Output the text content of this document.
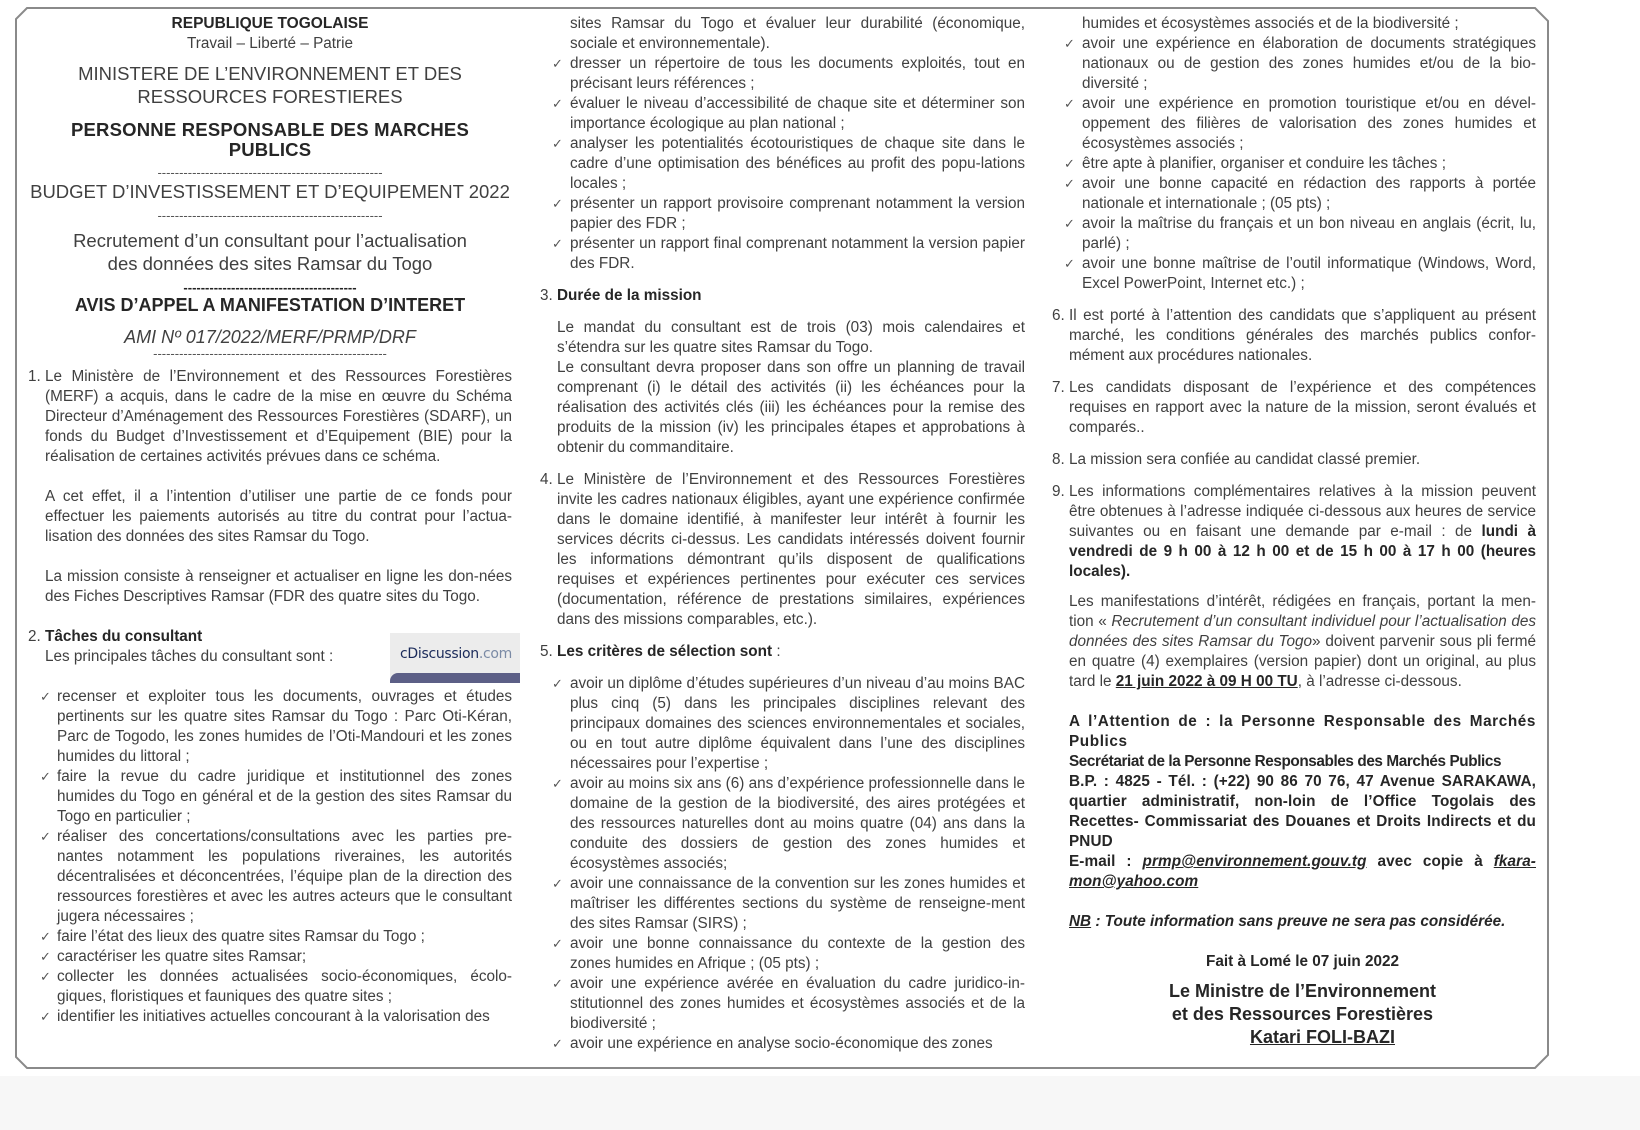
REPUBLIQUE TOGOLAISE
Travail – Liberté – Patrie
MINISTERE DE L’ENVIRONNEMENT ET DES
RESSOURCES FORESTIERES
PERSONNE RESPONSABLE DES MARCHES PUBLICS
----------------------------------------------------
BUDGET D’INVESTISSEMENT ET D’EQUIPEMENT 2022
----------------------------------------------------
Recrutement d’un consultant pour l’actualisation
des données des sites Ramsar du Togo
----------------------------------------
AVIS D’APPEL A MANIFESTATION D’INTERET
AMI Nº 017/2022/MERF/PRMP/DRF
------------------------------------------------------
1. Le Ministère de l’Environnement et des Ressources Forestières (MERF) a acquis, dans le cadre de la mise en œuvre du Schéma Directeur d’Aménagement des Ressources Forestières (SDARF), un fonds du Budget d’Investissement et d’Equipement (BIE) pour la réalisation de certaines activités prévues dans ce schéma.
A cet effet, il a l’intention d’utiliser une partie de ce fonds pour effectuer les paiements autorisés au titre du contrat pour l’actua-lisation des données des sites Ramsar du Togo.
La mission consiste à renseigner et actualiser en ligne les don-nées des Fiches Descriptives Ramsar (FDR des quatre sites du Togo.
2. Tâches du consultant
Les principales tâches du consultant sont :
✓ recenser et exploiter tous les documents, ouvrages et études pertinents sur les quatre sites Ramsar du Togo : Parc Oti-Kéran, Parc de Togodo, les zones humides de l’Oti-Mandouri et les zones humides du littoral ;
✓ faire la revue du cadre juridique et institutionnel des zones humides du Togo en général et de la gestion des sites Ramsar du Togo en particulier ;
✓ réaliser des concertations/consultations avec les parties pre-nantes notamment les populations riveraines, les autorités décentralisées et déconcentrées, l’équipe plan de la direction des ressources forestières et avec les autres acteurs que le consultant jugera nécessaires ;
✓ faire l’état des lieux des quatre sites Ramsar du Togo ;
✓ caractériser les quatre sites Ramsar;
✓ collecter les données actualisées socio-économiques, écolo-giques, floristiques et fauniques des quatre sites ;
✓ identifier les initiatives actuelles concourant à la valorisation des
cDiscussion.com
sites Ramsar du Togo et évaluer leur durabilité (économique, sociale et environnementale).
✓ dresser un répertoire de tous les documents exploités, tout en précisant leurs références ;
✓ évaluer le niveau d’accessibilité de chaque site et déterminer son importance écologique au plan national ;
✓ analyser les potentialités écotouristiques de chaque site dans le cadre d’une optimisation des bénéfices au profit des popu-lations locales ;
✓ présenter un rapport provisoire comprenant notamment la version papier des FDR ;
✓ présenter un rapport final comprenant notamment la version papier des FDR.
3. Durée de la mission
Le mandat du consultant est de trois (03) mois calendaires et s’étendra sur les quatre sites Ramsar du Togo.
Le consultant devra proposer dans son offre un planning de travail comprenant (i) le détail des activités (ii) les échéances pour la réalisation des activités clés (iii) les échéances pour la remise des produits de la mission (iv) les principales étapes et approbations à obtenir du commanditaire.
4. Le Ministère de l’Environnement et des Ressources Forestières invite les cadres nationaux éligibles, ayant une expérience confirmée dans le domaine identifié, à manifester leur intérêt à fournir les services décrits ci-dessus. Les candidats intéressés doivent fournir les informations démontrant qu’ils disposent de qualifications requises et expériences pertinentes pour exécuter ces services (documentation, référence de prestations similaires, expériences dans des missions comparables, etc.).
5. Les critères de sélection sont :
✓ avoir un diplôme d’études supérieures d’un niveau d’au moins BAC plus cinq (5) dans les principales disciplines relevant des principaux domaines des sciences environnementales et sociales, ou en tout autre diplôme équivalent dans l’une des disciplines nécessaires pour l’expertise ;
✓ avoir au moins six ans (6) ans d’expérience professionnelle dans le domaine de la gestion de la biodiversité, des aires protégées et des ressources naturelles dont au moins quatre (04) ans dans la conduite des dossiers de gestion des zones humides et écosystèmes associés;
✓ avoir une connaissance de la convention sur les zones humides et maîtriser les différentes sections du système de renseigne-ment des sites Ramsar (SIRS) ;
✓ avoir une bonne connaissance du contexte de la gestion des zones humides en Afrique ; (05 pts) ;
✓ avoir une expérience avérée en évaluation du cadre juridico-in-stitutionnel des zones humides et écosystèmes associés et de la biodiversité ;
✓ avoir une expérience en analyse socio-économique des zones
humides et écosystèmes associés et de la biodiversité ;
✓ avoir une expérience en élaboration de documents stratégiques nationaux ou de gestion des zones humides et/ou de la bio-diversité ;
✓ avoir une expérience en promotion touristique et/ou en dével-oppement des filières de valorisation des zones humides et écosystèmes associés ;
✓ être apte à planifier, organiser et conduire les tâches ;
✓ avoir une bonne capacité en rédaction des rapports à portée nationale et internationale ; (05 pts) ;
✓ avoir la maîtrise du français et un bon niveau en anglais (écrit, lu, parlé) ;
✓ avoir une bonne maîtrise de l’outil informatique (Windows, Word, Excel PowerPoint, Internet etc.) ;
6. Il est porté à l’attention des candidats que s’appliquent au présent marché, les conditions générales des marchés publics confor-mément aux procédures nationales.
7. Les candidats disposant de l’expérience et des compétences requises en rapport avec la nature de la mission, seront évalués et comparés..
8. La mission sera confiée au candidat classé premier.
9. Les informations complémentaires relatives à la mission peuvent être obtenues à l’adresse indiquée ci-dessous aux heures de service suivantes ou en faisant une demande par e-mail : de lundi à vendredi de 9 h 00 à 12 h 00 et de 15 h 00 à 17 h 00 (heures locales).
Les manifestations d’intérêt, rédigées en français, portant la men-tion « Recrutement d’un consultant individuel pour l’actualisation des données des sites Ramsar du Togo» doivent parvenir sous pli fermé en quatre (4) exemplaires (version papier) dont un original, au plus tard le 21 juin 2022 à 09 H 00 TU, à l’adresse ci-dessous.
A l’Attention de : la Personne Responsable des Marchés Publics
Secrétariat de la Personne Responsables des Marchés Publics
B.P. : 4825 - Tél. : (+22) 90 86 70 76, 47 Avenue SARAKAWA, quartier administratif, non-loin de l’Office Togolais des Recettes- Commissariat des Douanes et Droits Indirects et du PNUD
E-mail : prmp@environnement.gouv.tg avec copie à fkara-mon@yahoo.com
NB : Toute information sans preuve ne sera pas considérée.
Fait à Lomé le 07 juin 2022
Le Ministre de l’Environnement
et des Ressources Forestières
Katari FOLI-BAZI
